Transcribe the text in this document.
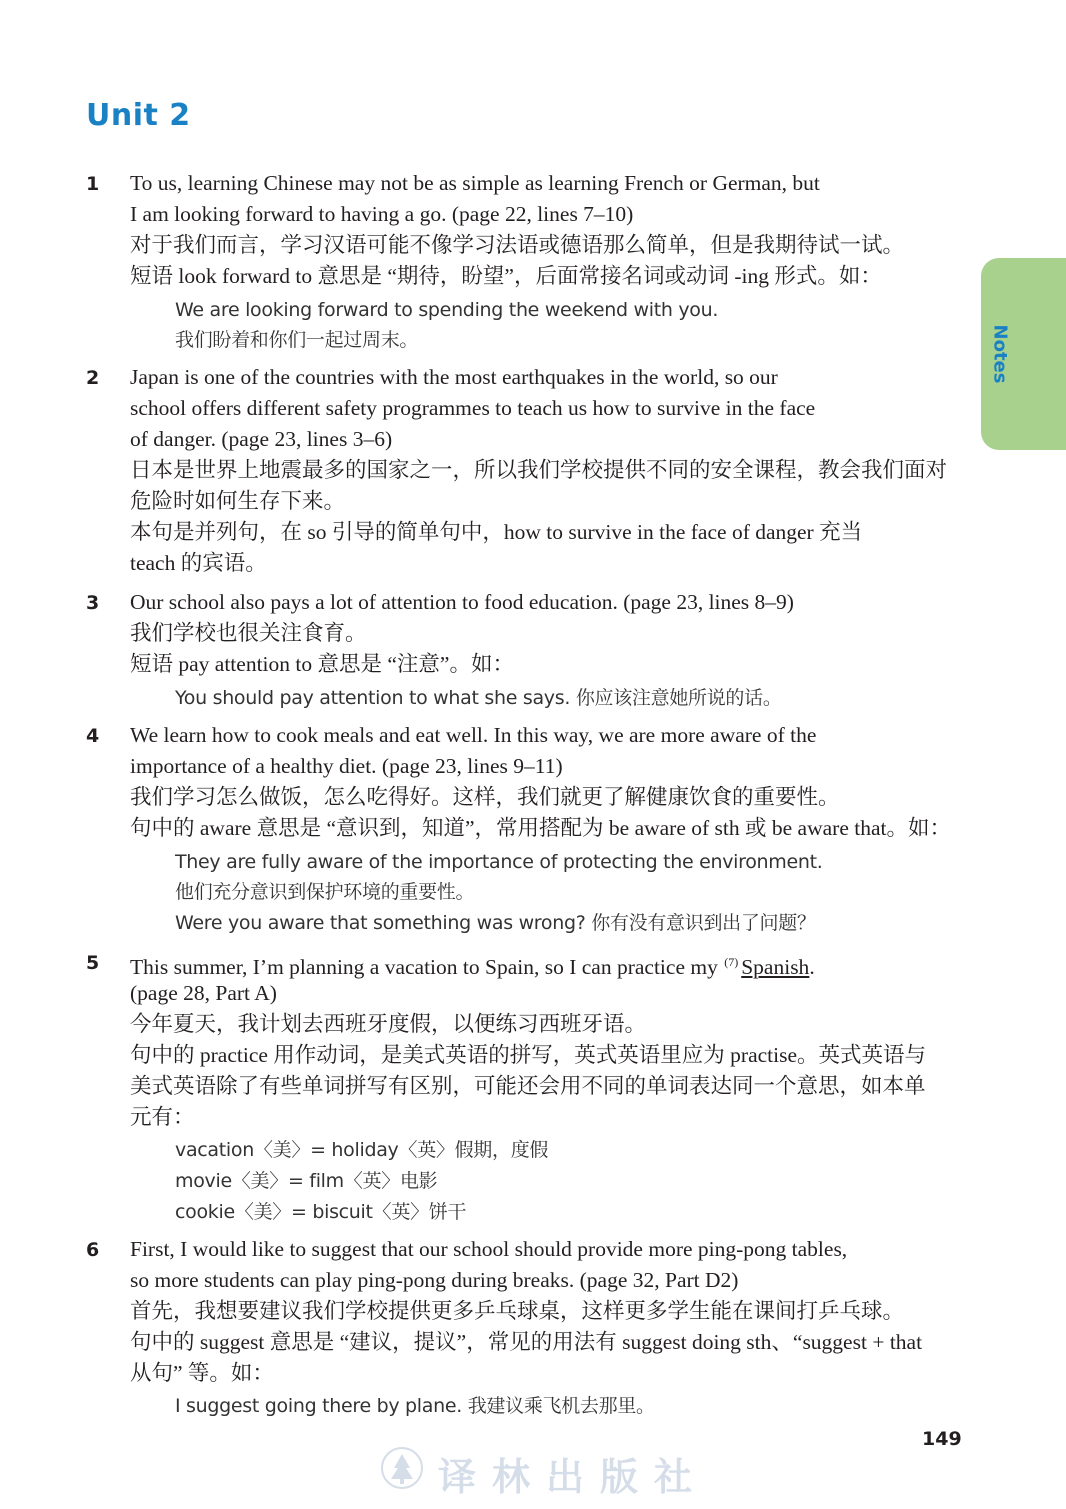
Unit 2
Notes
1 To us, learning Chinese may not be as simple as learning French or German, but
I am looking forward to having a go. (page 22, lines 7–10)
对于我们而言，学习汉语可能不像学习法语或德语那么简单，但是我期待试一试。
短语 look forward to 意思是 “期待，盼望”，后面常接名词或动词 -ing 形式。如：
We are looking forward to spending the weekend with you.
我们盼着和你们一起过周末。
2 Japan is one of the countries with the most earthquakes in the world, so our
school offers different safety programmes to teach us how to survive in the face
of danger. (page 23, lines 3–6)
日本是世界上地震最多的国家之一，所以我们学校提供不同的安全课程，教会我们面对
危险时如何生存下来。
本句是并列句，在 so 引导的简单句中，how to survive in the face of danger 充当
teach 的宾语。
3 Our school also pays a lot of attention to food education. (page 23, lines 8–9)
我们学校也很关注食育。
短语 pay attention to 意思是 “注意”。如：
You should pay attention to what she says. 你应该注意她所说的话。
4 We learn how to cook meals and eat well. In this way, we are more aware of the
importance of a healthy diet. (page 23, lines 9–11)
我们学习怎么做饭，怎么吃得好。这样，我们就更了解健康饮食的重要性。
句中的 aware 意思是 “意识到，知道”，常用搭配为 be aware of sth 或 be aware that。如：
They are fully aware of the importance of protecting the environment.
他们充分意识到保护环境的重要性。
Were you aware that something was wrong? 你有没有意识到出了问题？
5 This summer, I’m planning a vacation to Spain, so I can practice my $^{(7)}$ Spanish.
(page 28, Part A)
今年夏天，我计划去西班牙度假，以便练习西班牙语。
句中的 practice 用作动词，是美式英语的拼写，英式英语里应为 practise。英式英语与
美式英语除了有些单词拼写有区别，可能还会用不同的单词表达同一个意思，如本单
元有：
vacation〈美〉= holiday〈英〉假期，度假
movie〈美〉= film〈英〉电影
cookie〈美〉= biscuit〈英〉饼干
6 First, I would like to suggest that our school should provide more ping-pong tables,
so more students can play ping-pong during breaks. (page 32, Part D2)
首先，我想要建议我们学校提供更多乒乓球桌，这样更多学生能在课间打乒乓球。
句中的 suggest 意思是 “建议，提议”，常见的用法有 suggest doing sth、“suggest + that
从句” 等。如：
I suggest going there by plane. 我建议乘飞机去那里。
149
译林出版社
